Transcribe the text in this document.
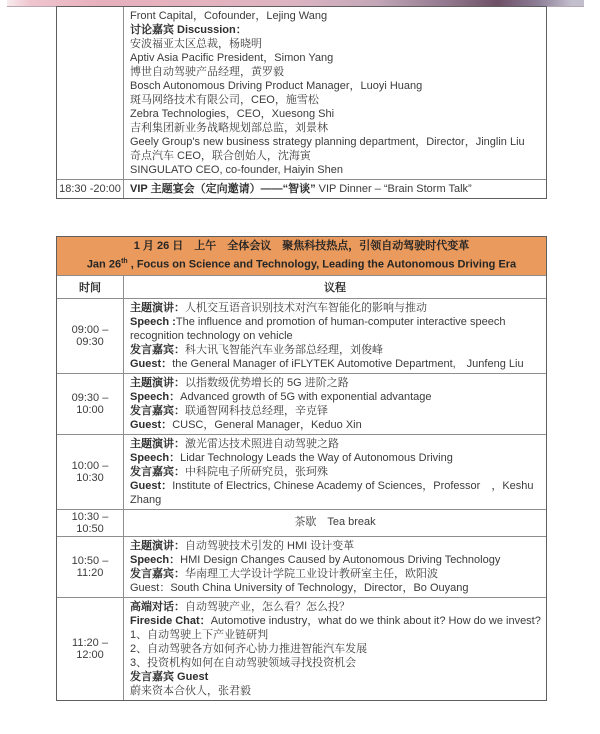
Front Capital，Cofounder，Lejing Wang
讨论嘉宾 Discussion：
安波福亚太区总裁，杨晓明
Aptiv Asia Pacific President，Simon Yang
博世自动驾驶产品经理，黄罗毅
Bosch Autonomous Driving Product Manager，Luoyi Huang
斑马网络技术有限公司，CEO，施雪松
Zebra Technologies，CEO，Xuesong Shi
吉利集团新业务战略规划部总监，刘景林
Geely Group's new business strategy planning department，Director，Jinglin Liu
奇点汽车 CEO，联合创始人，沈海寅
SINGULATO CEO, co-founder, Haiyin Shen
18:30 -20:00 VIP 主题宴会（定向邀请）——“智谈” VIP Dinner – “Brain Storm Talk”
1 月 26 日　上午　全体会议　聚焦科技热点，引领自动驾驶时代变革
Jan 26th , Focus on Science and Technology, Leading the Autonomous Driving Era
时间	议程
09:00 – 09:30
主题演讲：人机交互语音识别技术对汽车智能化的影响与推动
Speech :The influence and promotion of human-computer interactive speech recognition technology on vehicle
发言嘉宾：科大讯飞智能汽车业务部总经理，刘俊峰
Guest：the General Manager of iFLYTEK Automotive Department,　Junfeng Liu
09:30 – 10:00
主题演讲：以指数级优势增长的 5G 进阶之路
Speech：Advanced growth of 5G with exponential advantage
发言嘉宾：联通智网科技总经理，辛克铎
Guest：CUSC，General Manager，Keduo Xin
10:00 – 10:30
主题演讲：激光雷达技术照进自动驾驶之路
Speech：Lidar Technology Leads the Way of Autonomous Driving
发言嘉宾：中科院电子所研究员，张珂殊
Guest：Institute of Electrics, Chinese Academy of Sciences，Professor　，Keshu Zhang
10:30 – 10:50
茶歇　Tea break
10:50 – 11:20
主题演讲：自动驾驶技术引发的 HMI 设计变革
Speech：HMI Design Changes Caused by Autonomous Driving Technology
发言嘉宾：华南理工大学设计学院工业设计教研室主任，欧阳波
Guest：South China University of Technology，Director，Bo Ouyang
11:20 – 12:00
高端对话：自动驾驶产业，怎么看？怎么投？
Fireside Chat：Automotive industry，what do we think about it? How do we invest?
1、自动驾驶上下产业链研判
2、自动驾驶各方如何齐心协力推进智能汽车发展
3、投资机构如何在自动驾驶领域寻找投资机会
发言嘉宾 Guest
蔚来资本合伙人，张君毅
